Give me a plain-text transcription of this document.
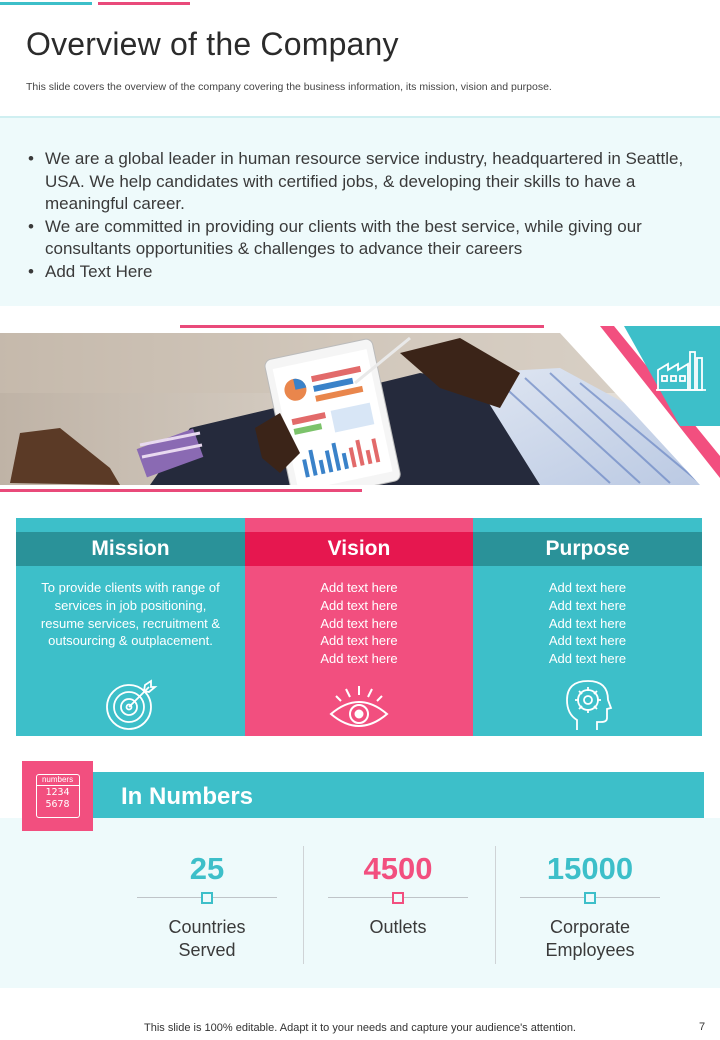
Overview of the Company

This slide covers the overview of the company covering the business information, its mission, vision and purpose.

• We are a global leader in human resource service industry, headquartered in Seattle, USA. We help candidates with certified jobs, & developing their skills to have a meaningful career.
• We are committed in providing our clients with the best service, while giving our consultants opportunities & challenges to advance their careers
• Add Text Here
Mission
To provide clients with range of
services in job positioning,
resume services, recruitment &
outsourcing & outplacement.
Vision
Add text here
Add text here
Add text here
Add text here
Add text here
Purpose
Add text here
Add text here
Add text here
Add text here
Add text here
In Numbers
numbers
1234
5678
25
Countries
Served
4500
Outlets
15000
Corporate
Employees
This slide is 100% editable. Adapt it to your needs and capture your audience's attention.	7
